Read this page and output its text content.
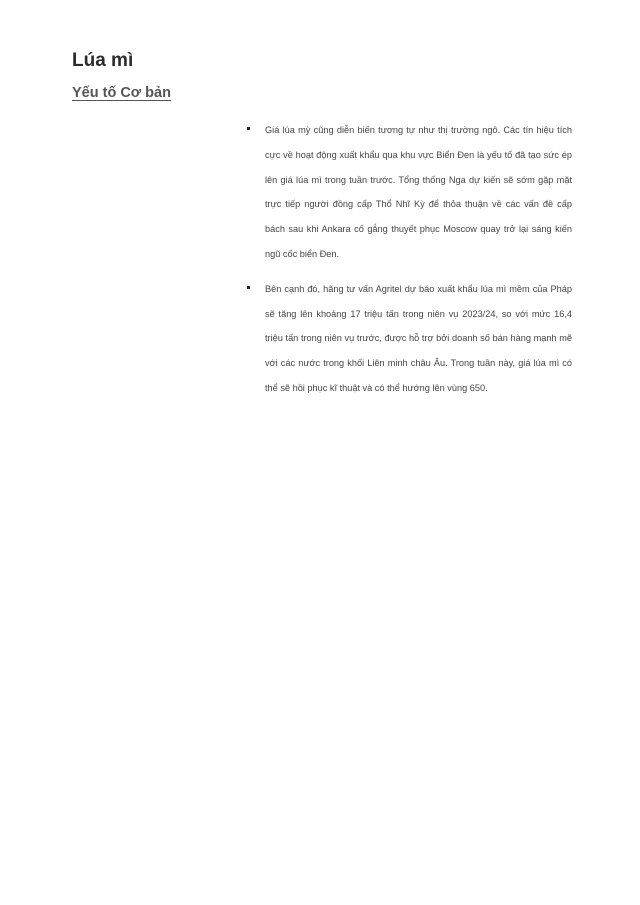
Lúa mì
Yếu tố Cơ bản
Giá lúa mỳ cũng diễn biến tương tự như thị trường ngô. Các tín hiệu tích cực về hoạt động xuất khẩu qua khu vực Biển Đen là yếu tố đã tạo sức ép lên giá lúa mì trong tuần trước. Tổng thống Nga dự kiến sẽ sớm gặp mặt trực tiếp người đồng cấp Thổ Nhĩ Kỳ để thỏa thuận về các vấn đề cấp bách sau khi Ankara cố gắng thuyết phục Moscow quay trở lại sáng kiến ngũ cốc biển Đen.
Bên cạnh đó, hãng tư vấn Agritel dự báo xuất khẩu lúa mì mềm của Pháp sẽ tăng lên khoảng 17 triệu tấn trong niên vụ 2023/24, so với mức 16,4 triệu tấn trong niên vụ trước, được hỗ trợ bởi doanh số bán hàng mạnh mẽ với các nước trong khối Liên minh châu Âu. Trong tuần này, giá lúa mì có thể sẽ hồi phục kĩ thuật và có thể hướng lên vùng 650.
